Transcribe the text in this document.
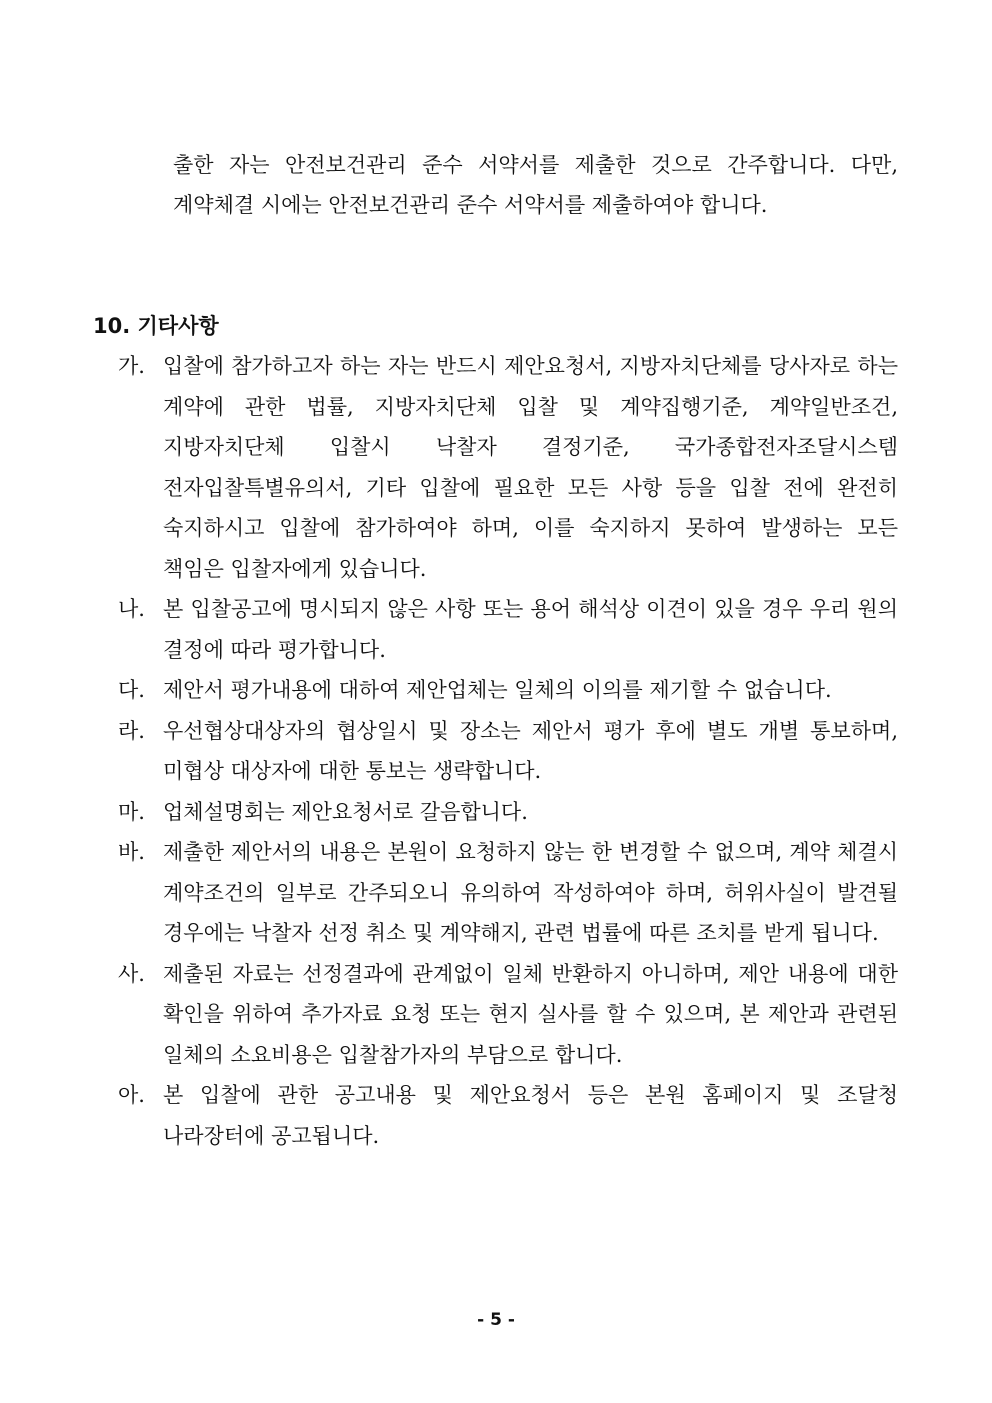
출한 자는 안전보건관리 준수 서약서를 제출한 것으로 간주합니다. 다만, 계약체결 시에는 안전보건관리 준수 서약서를 제출하여야 합니다.

10. 기타사항
가. 입찰에 참가하고자 하는 자는 반드시 제안요청서, 지방자치단체를 당사자로 하는 계약에 관한 법률, 지방자치단체 입찰 및 계약집행기준, 계약일반조건, 지방자치단체 입찰시 낙찰자 결정기준, 국가종합전자조달시스템 전자입찰특별유의서, 기타 입찰에 필요한 모든 사항 등을 입찰 전에 완전히 숙지하시고 입찰에 참가하여야 하며, 이를 숙지하지 못하여 발생하는 모든 책임은 입찰자에게 있습니다.
나. 본 입찰공고에 명시되지 않은 사항 또는 용어 해석상 이견이 있을 경우 우리 원의 결정에 따라 평가합니다.
다. 제안서 평가내용에 대하여 제안업체는 일체의 이의를 제기할 수 없습니다.
라. 우선협상대상자의 협상일시 및 장소는 제안서 평가 후에 별도 개별 통보하며, 미협상 대상자에 대한 통보는 생략합니다.
마. 업체설명회는 제안요청서로 갈음합니다.
바. 제출한 제안서의 내용은 본원이 요청하지 않는 한 변경할 수 없으며, 계약 체결시 계약조건의 일부로 간주되오니 유의하여 작성하여야 하며, 허위사실이 발견될 경우에는 낙찰자 선정 취소 및 계약해지, 관련 법률에 따른 조치를 받게 됩니다.
사. 제출된 자료는 선정결과에 관계없이 일체 반환하지 아니하며, 제안 내용에 대한 확인을 위하여 추가자료 요청 또는 현지 실사를 할 수 있으며, 본 제안과 관련된 일체의 소요비용은 입찰참가자의 부담으로 합니다.
아. 본 입찰에 관한 공고내용 및 제안요청서 등은 본원 홈페이지 및 조달청 나라장터에 공고됩니다.
- 5 -
